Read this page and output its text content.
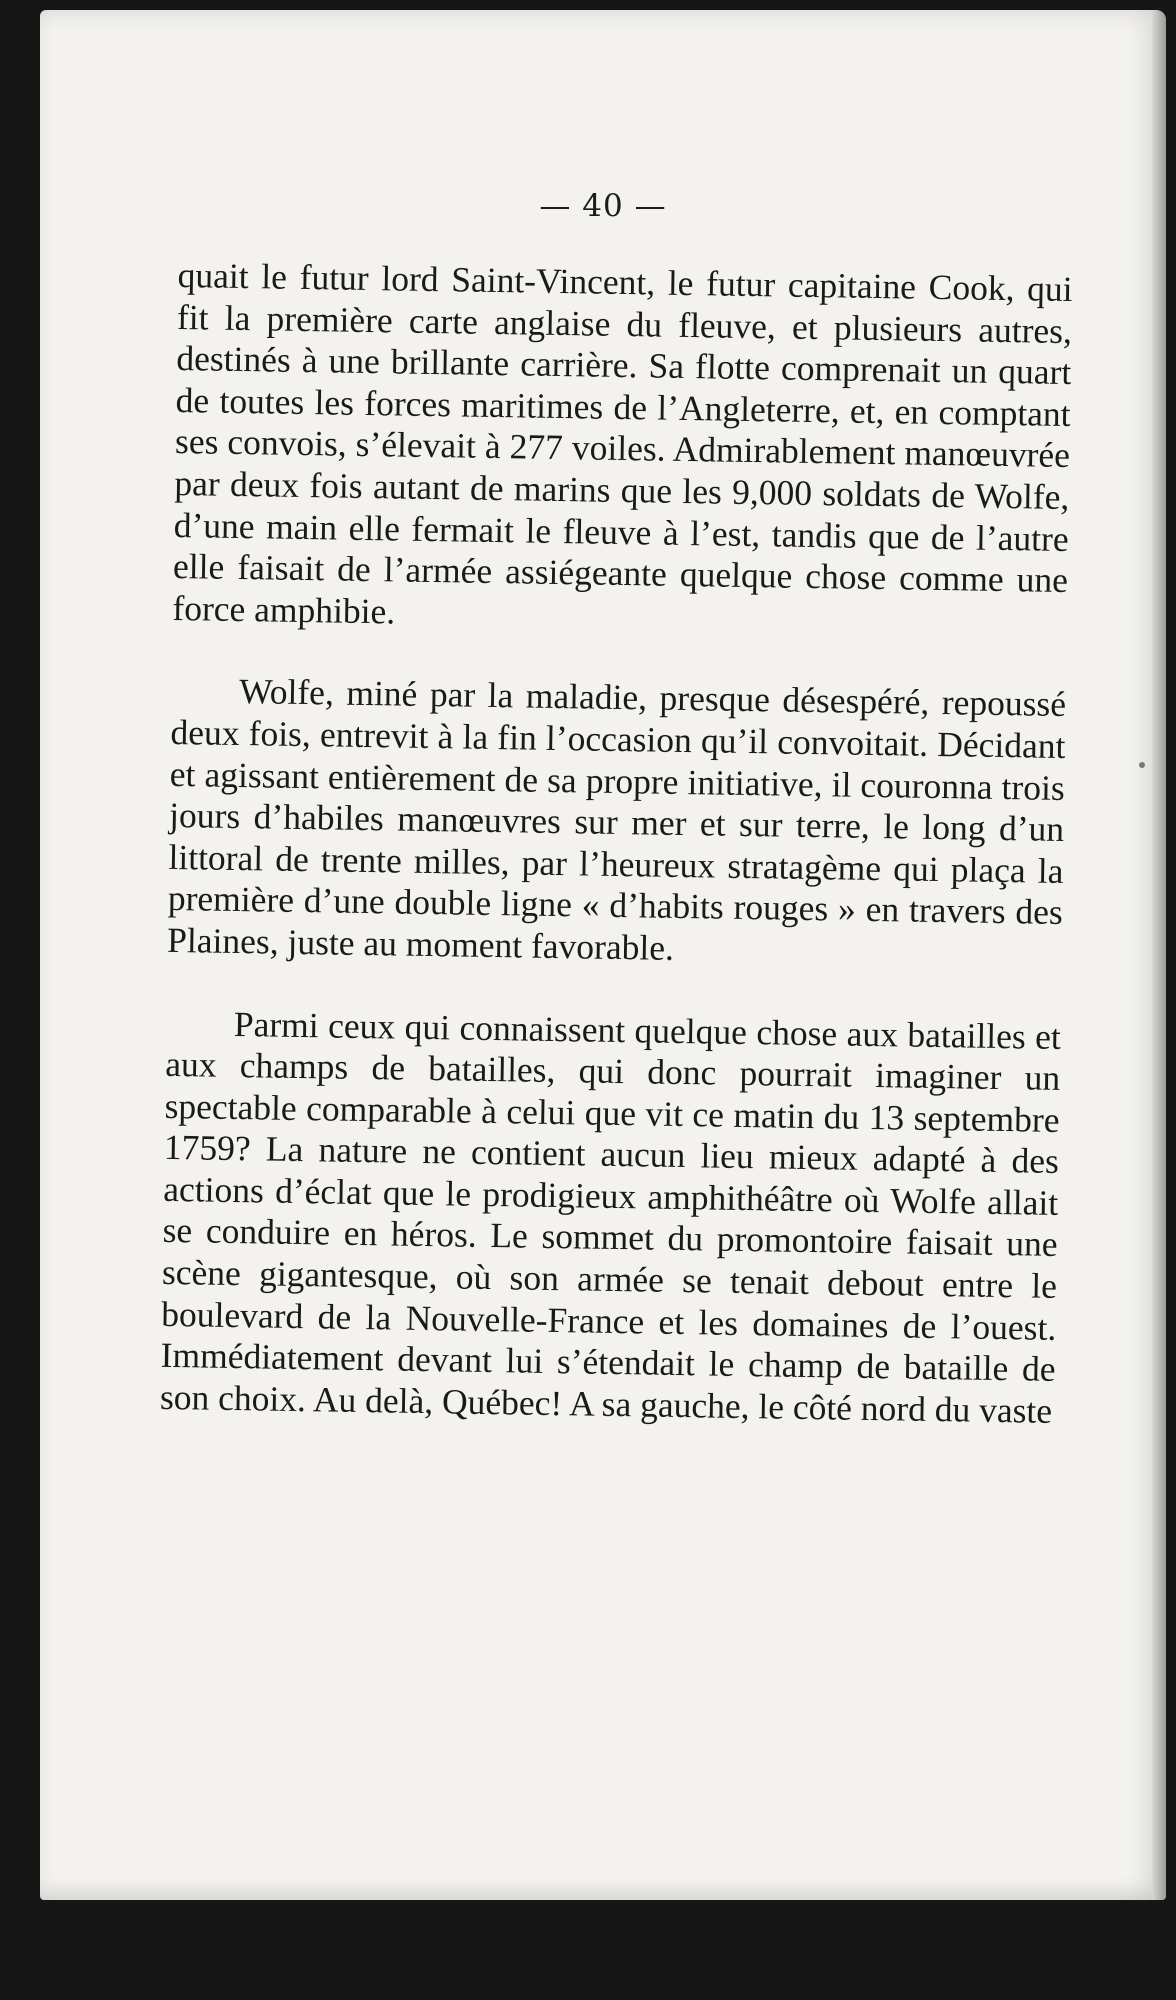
— 40 —

quait le futur lord Saint-Vincent, le futur capitaine Cook, qui fit la première carte anglaise du fleuve, et plusieurs autres, destinés à une brillante carrière. Sa flotte comprenait un quart de toutes les forces maritimes de l’Angleterre, et, en comptant ses convois, s’élevait à 277 voiles. Admirablement manœuvrée par deux fois autant de marins que les 9,000 soldats de Wolfe, d’une main elle fermait le fleuve à l’est, tandis que de l’autre elle faisait de l’armée assiégeante quelque chose comme une force amphibie.

Wolfe, miné par la maladie, presque désespéré, repoussé deux fois, entrevit à la fin l’occasion qu’il convoitait. Décidant et agissant entièrement de sa propre initiative, il couronna trois jours d’habiles manœuvres sur mer et sur terre, le long d’un littoral de trente milles, par l’heureux stratagème qui plaça la première d’une double ligne « d’habits rouges » en travers des Plaines, juste au moment favorable.

Parmi ceux qui connaissent quelque chose aux batailles et aux champs de batailles, qui donc pourrait imaginer un spectable comparable à celui que vit ce matin du 13 septembre 1759? La nature ne contient aucun lieu mieux adapté à des actions d’éclat que le prodigieux amphithéâtre où Wolfe allait se conduire en héros. Le sommet du promontoire faisait une scène gigantesque, où son armée se tenait debout entre le boulevard de la Nouvelle-France et les domaines de l’ouest. Immédiatement devant lui s’étendait le champ de bataille de son choix. Au delà, Québec! A sa gauche, le côté nord du vaste
